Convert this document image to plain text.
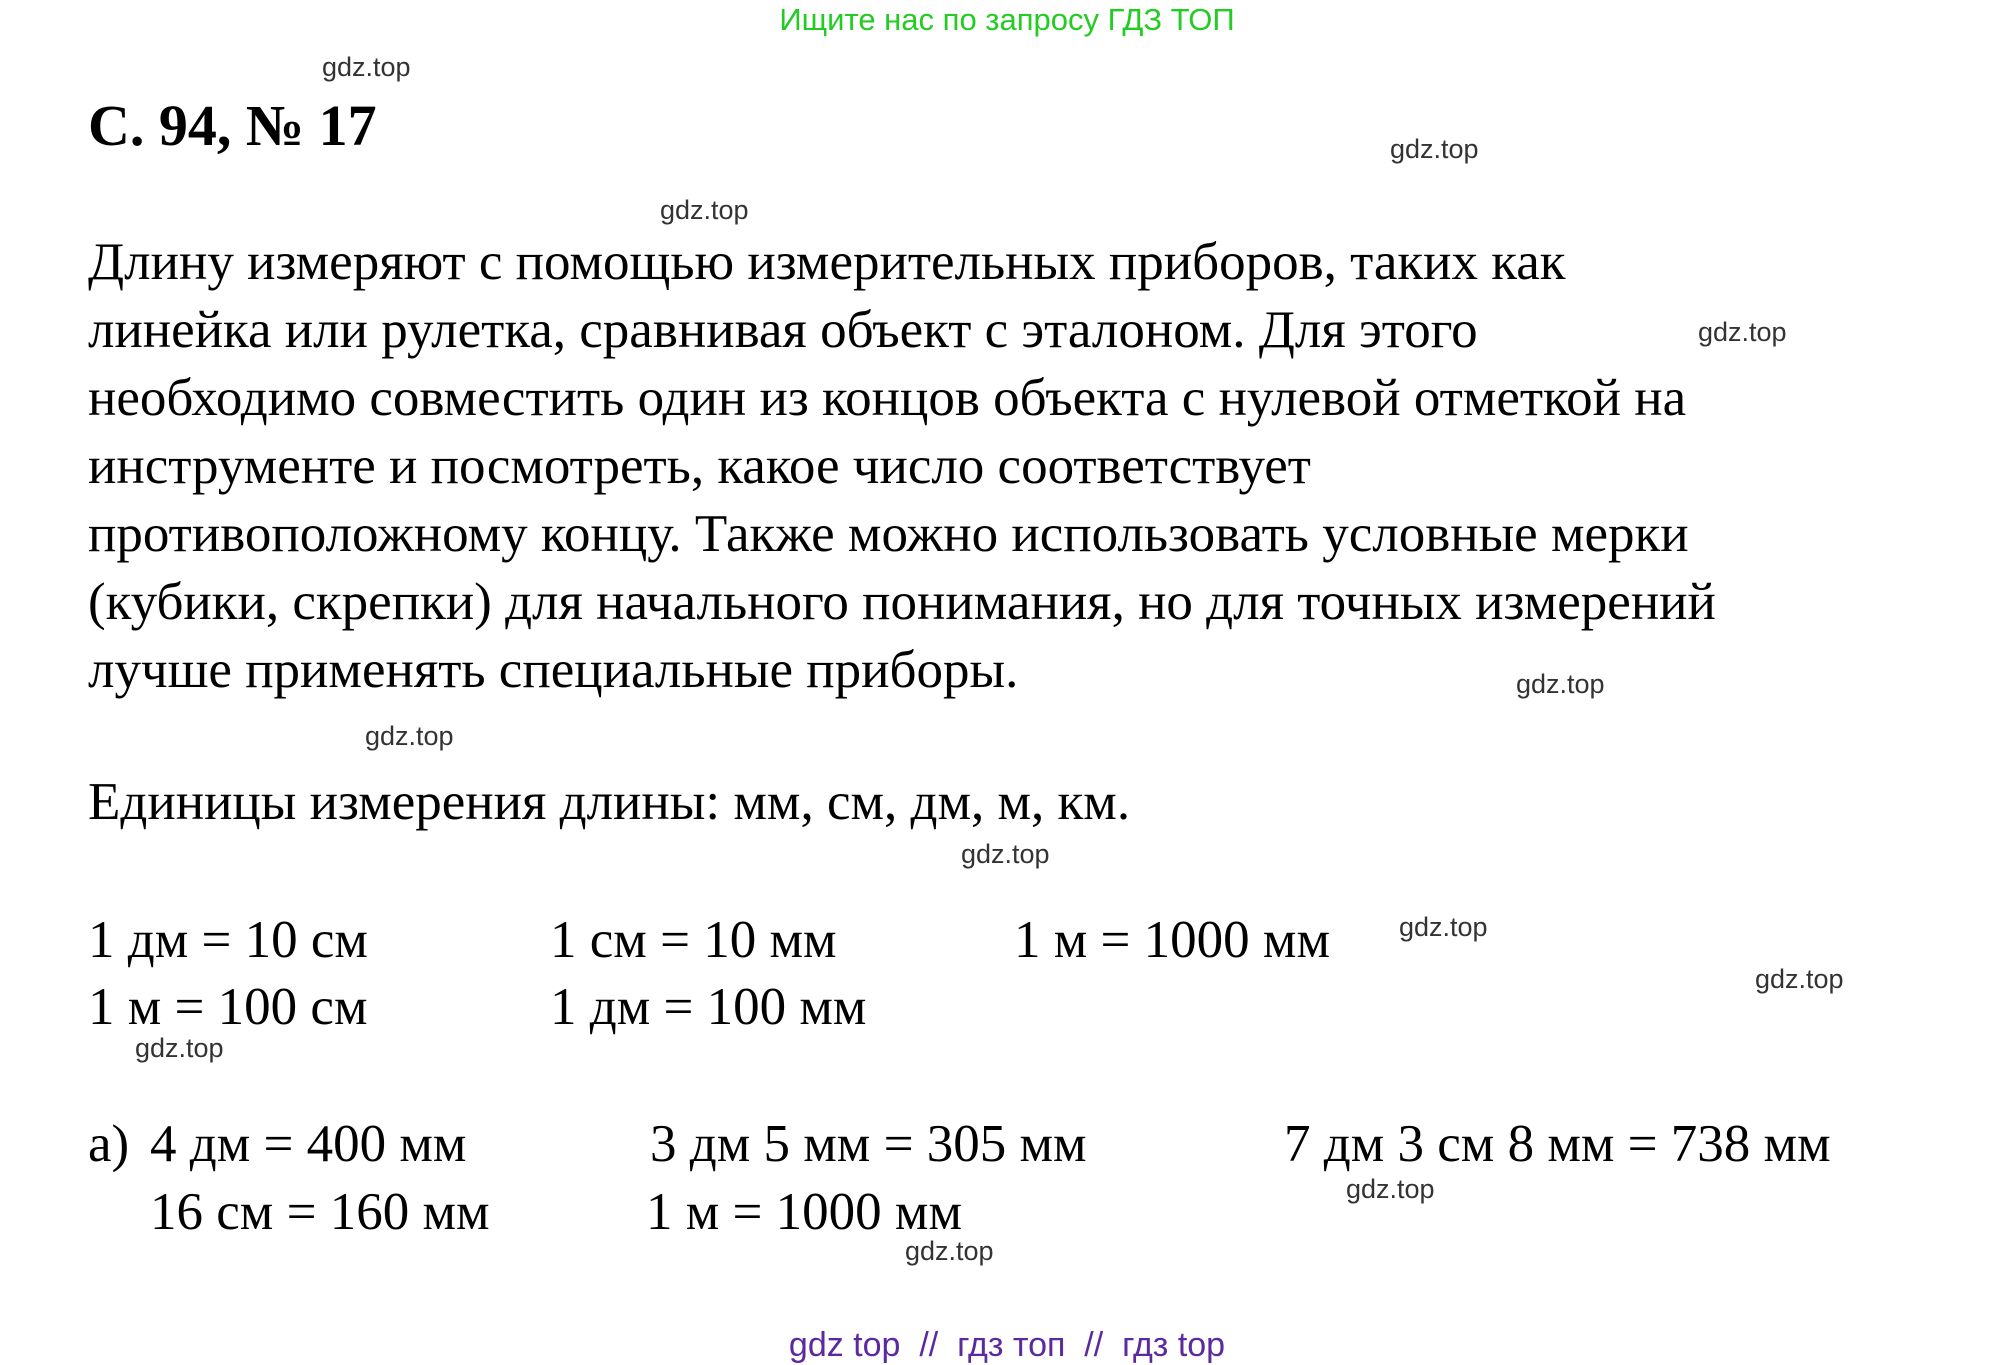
Ищите нас по запросу ГДЗ ТОП
С. 94, № 17
Длину измеряют с помощью измерительных приборов, таких как
линейка или рулетка, сравнивая объект с эталоном. Для этого
необходимо совместить один из концов объекта с нулевой отметкой на
инструменте и посмотреть, какое число соответствует
противоположному концу. Также можно использовать условные мерки
(кубики, скрепки) для начального понимания, но для точных измерений
лучше применять специальные приборы.
Единицы измерения длины: мм, см, дм, м, км.
1 дм = 10 см	1 см = 10 мм	1 м = 1000 мм
1 м = 100 см	1 дм = 100 мм
а) 4 дм = 400 мм	3 дм 5 мм = 305 мм	7 дм 3 см 8 мм = 738 мм
16 см = 160 мм	1 м = 1000 мм
gdz.top
gdz.top
gdz.top
gdz.top
gdz.top
gdz.top
gdz.top
gdz.top
gdz.top
gdz.top
gdz.top
gdz.top
gdz top  //  гдз топ  //  гдз top
